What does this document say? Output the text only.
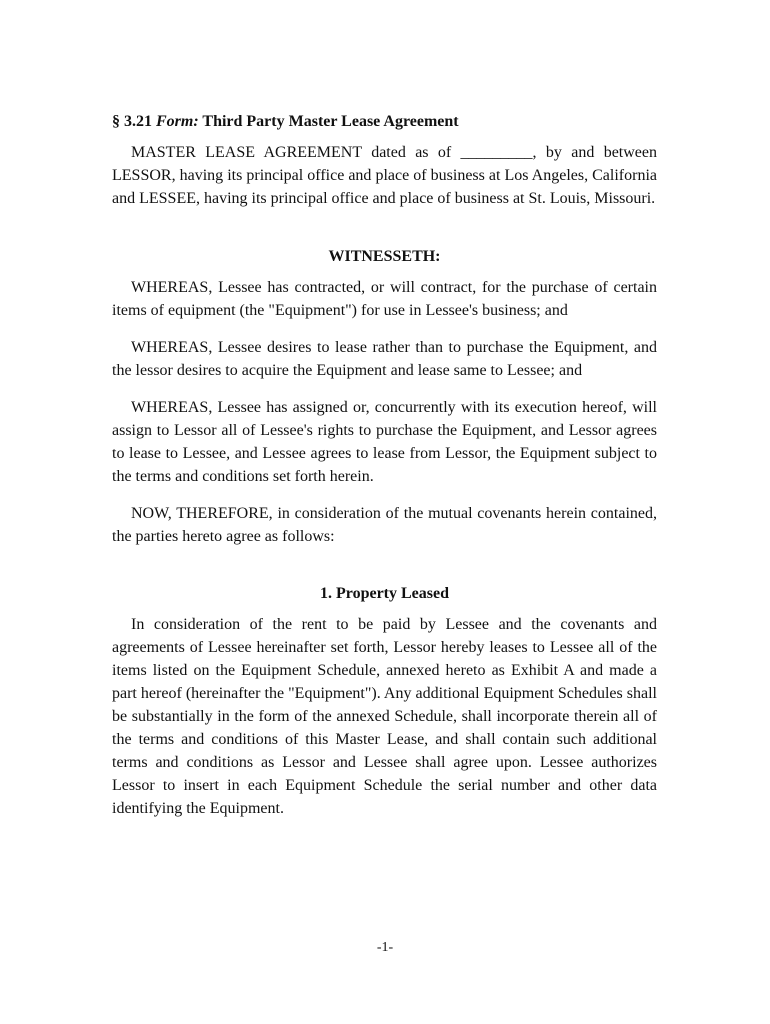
§ 3.21 Form: Third Party Master Lease Agreement

MASTER LEASE AGREEMENT dated as of _________, by and between LESSOR, having its principal office and place of business at Los Angeles, California and LESSEE, having its principal office and place of business at St. Louis, Missouri.

WITNESSETH:

WHEREAS, Lessee has contracted, or will contract, for the purchase of certain items of equipment (the "Equipment") for use in Lessee's business; and

WHEREAS, Lessee desires to lease rather than to purchase the Equipment, and the lessor desires to acquire the Equipment and lease same to Lessee; and

WHEREAS, Lessee has assigned or, concurrently with its execution hereof, will assign to Lessor all of Lessee's rights to purchase the Equipment, and Lessor agrees to lease to Lessee, and Lessee agrees to lease from Lessor, the Equipment subject to the terms and conditions set forth herein.

NOW, THEREFORE, in consideration of the mutual covenants herein contained, the parties hereto agree as follows:

1. Property Leased

In consideration of the rent to be paid by Lessee and the covenants and agreements of Lessee hereinafter set forth, Lessor hereby leases to Lessee all of the items listed on the Equipment Schedule, annexed hereto as Exhibit A and made a part hereof (hereinafter the "Equipment"). Any additional Equipment Schedules shall be substantially in the form of the annexed Schedule, shall incorporate therein all of the terms and conditions of this Master Lease, and shall contain such additional terms and conditions as Lessor and Lessee shall agree upon. Lessee authorizes Lessor to insert in each Equipment Schedule the serial number and other data identifying the Equipment.

-1-
